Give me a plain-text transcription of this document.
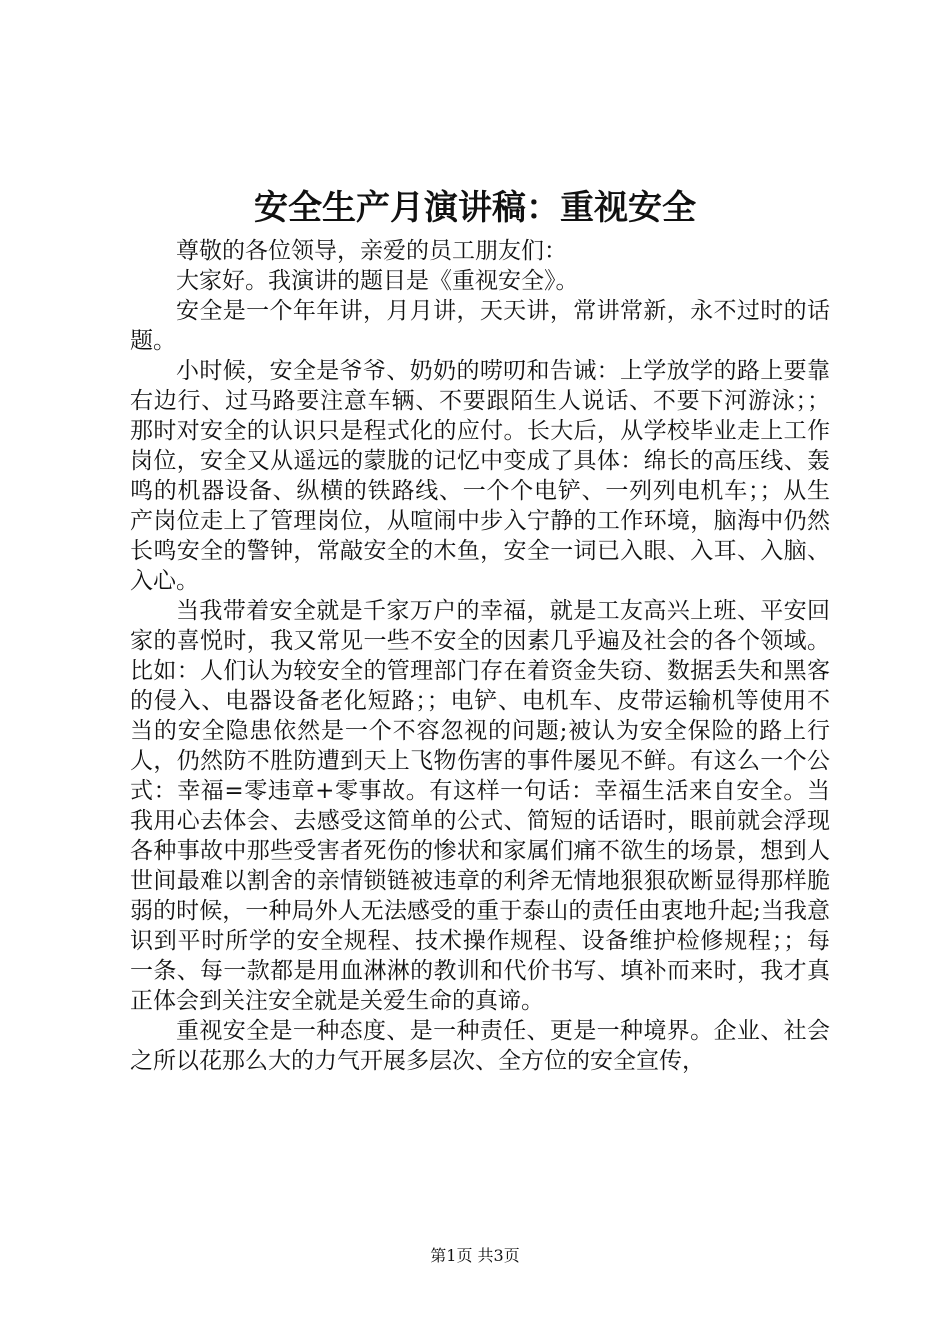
安全生产月演讲稿：重视安全

尊敬的各位领导，亲爱的员工朋友们：

大家好。我演讲的题目是《重视安全》。

安全是一个年年讲，月月讲，天天讲，常讲常新，永不过时的话题。

小时候，安全是爷爷、奶奶的唠叨和告诫：上学放学的路上要靠右边行、过马路要注意车辆、不要跟陌生人说话、不要下河游泳；；那时对安全的认识只是程式化的应付。长大后，从学校毕业走上工作岗位，安全又从遥远的蒙胧的记忆中变成了具体：绵长的高压线、轰鸣的机器设备、纵横的铁路线、一个个电铲、一列列电机车；；从生产岗位走上了管理岗位，从喧闹中步入宁静的工作环境，脑海中仍然长鸣安全的警钟，常敲安全的木鱼，安全一词已入眼、入耳、入脑、入心。

当我带着安全就是千家万户的幸福，就是工友高兴上班、平安回家的喜悦时，我又常见一些不安全的因素几乎遍及社会的各个领域。比如：人们认为较安全的管理部门存在着资金失窃、数据丢失和黑客的侵入、电器设备老化短路；；电铲、电机车、皮带运输机等使用不当的安全隐患依然是一个不容忽视的问题;被认为安全保险的路上行人，仍然防不胜防遭到天上飞物伤害的事件屡见不鲜。有这么一个公式：幸福=零违章+零事故。有这样一句话：幸福生活来自安全。当我用心去体会、去感受这简单的公式、简短的话语时，眼前就会浮现各种事故中那些受害者死伤的惨状和家属们痛不欲生的场景，想到人世间最难以割舍的亲情锁链被违章的利斧无情地狠狠砍断显得那样脆弱的时候，一种局外人无法感受的重于泰山的责任由衷地升起;当我意识到平时所学的安全规程、技术操作规程、设备维护检修规程；；每一条、每一款都是用血淋淋的教训和代价书写、填补而来时，我才真正体会到关注安全就是关爱生命的真谛。

重视安全是一种态度、是一种责任、更是一种境界。企业、社会之所以花那么大的力气开展多层次、全方位的安全宣传，

第1页 共3页
